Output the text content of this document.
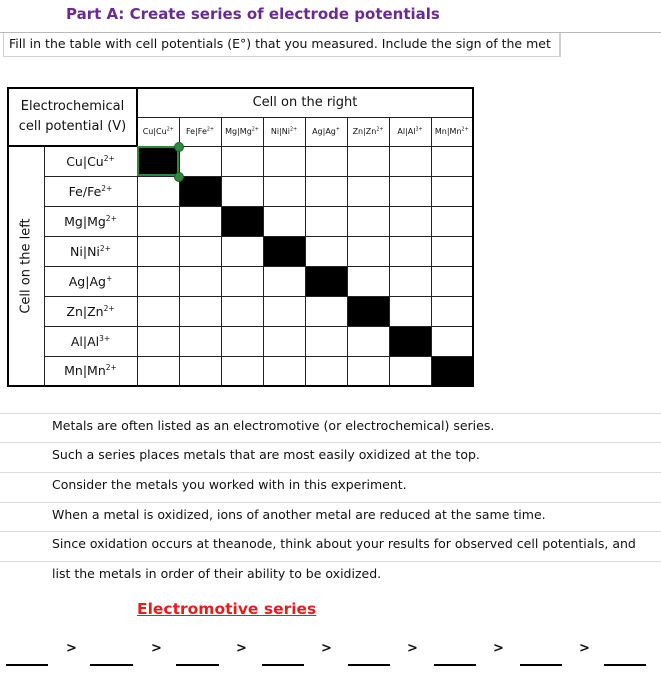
Part A: Create series of electrode potentials
Fill in the table with cell potentials (E°) that you measured. Include the sign of the met
Electrochemical
cell potential (V)		Cell on the right							
		$Cu|Cu^{2+}$	$Fe|Fe^{2+}$	$Mg|Mg^{2+}$	$Ni|Ni^{2+}$	Ag|Ag+	$Zn|Zn^{2+}$	$Al|Al^{3+}$	$Mn|Mn^{2+}$

Cell on the left	$Cu|Cu^{2+}$								
	$Fe/Fe^{2+}$								
	$Mg|Mg^{2+}$								
	$Ni|Ni^{2+}$								
	Ag|Ag+								
	$Zn|Zn^{2+}$								
	$Al|Al^{3+}$								
	$Mn|Mn^{2+}$								
Metals are often listed as an electromotive (or electrochemical) series.
Such a series places metals that are most easily oxidized at the top.
Consider the metals you worked with in this experiment.
When a metal is oxidized, ions of another metal are reduced at the same time.
Since oxidation occurs at theanode, think about your results for observed cell potentials, and
list the metals in order of their ability to be oxidized.
Electromotive series
>	>	>	>	>	>	>
